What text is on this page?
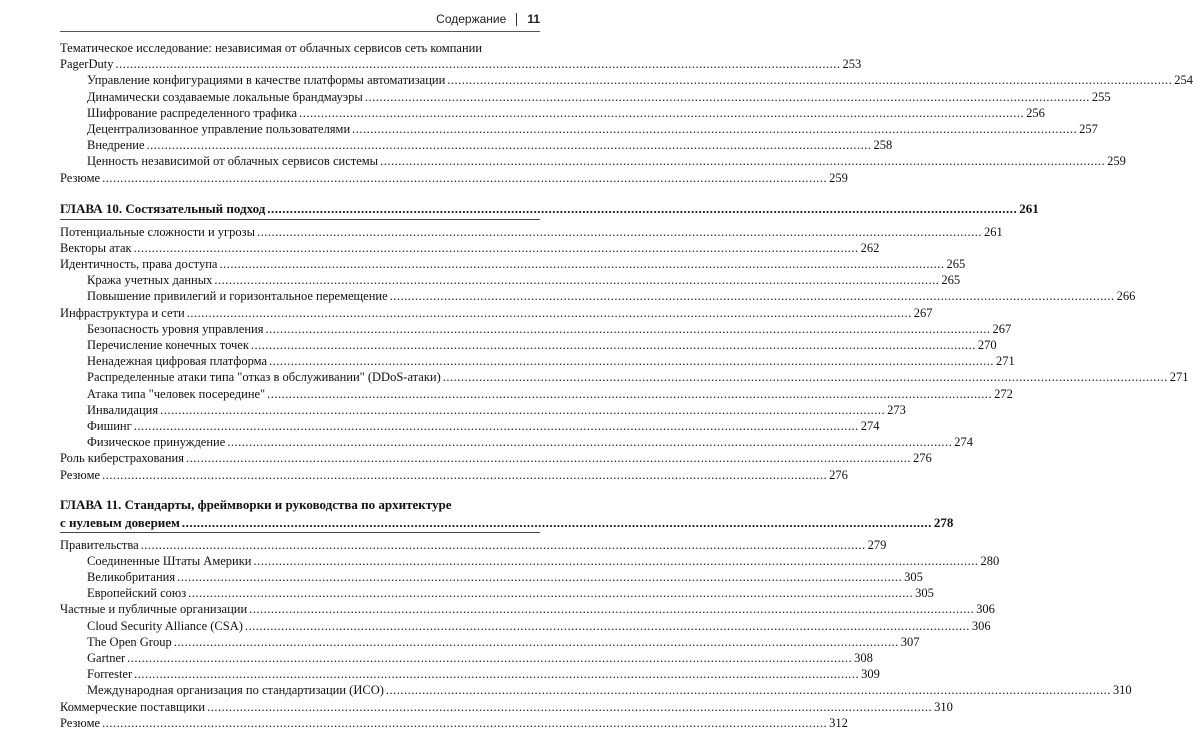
Содержание 11
Тематическое исследование: независимая от облачных сервисов сеть компании
PagerDuty .....	253
Управление конфигурациями в качестве платформы автоматизации .....	254
Динамически создаваемые локальные брандмауэры .....	255
Шифрование распределенного трафика .....	256
Децентрализованное управление пользователями .....	257
Внедрение .....	258
Ценность независимой от облачных сервисов системы .....	259
Резюме .....	259
ГЛАВА 10. Состязательный подход .....	261
Потенциальные сложности и угрозы .....	261
Векторы атак .....	262
Идентичность, права доступа .....	265
Кража учетных данных .....	265
Повышение привилегий и горизонтальное перемещение .....	266
Инфраструктура и сети .....	267
Безопасность уровня управления .....	267
Перечисление конечных точек .....	270
Ненадежная цифровая платформа .....	271
Распределенные атаки типа "отказ в обслуживании" (DDoS-атаки) .....	271
Атака типа "человек посередине" .....	272
Инвалидация .....	273
Фишинг .....	274
Физическое принуждение .....	274
Роль киберстрахования .....	276
Резюме .....	276
ГЛАВА 11. Стандарты, фреймворки и руководства по архитектуре
с нулевым доверием .....	278
Правительства .....	279
Соединенные Штаты Америки .....	280
Великобритания .....	305
Европейский союз .....	305
Частные и публичные организации .....	306
Cloud Security Alliance (CSA) .....	306
The Open Group .....	307
Gartner .....	308
Forrester .....	309
Международная организация по стандартизации (ИСО) .....	310
Коммерческие поставщики .....	310
Резюме .....	312
